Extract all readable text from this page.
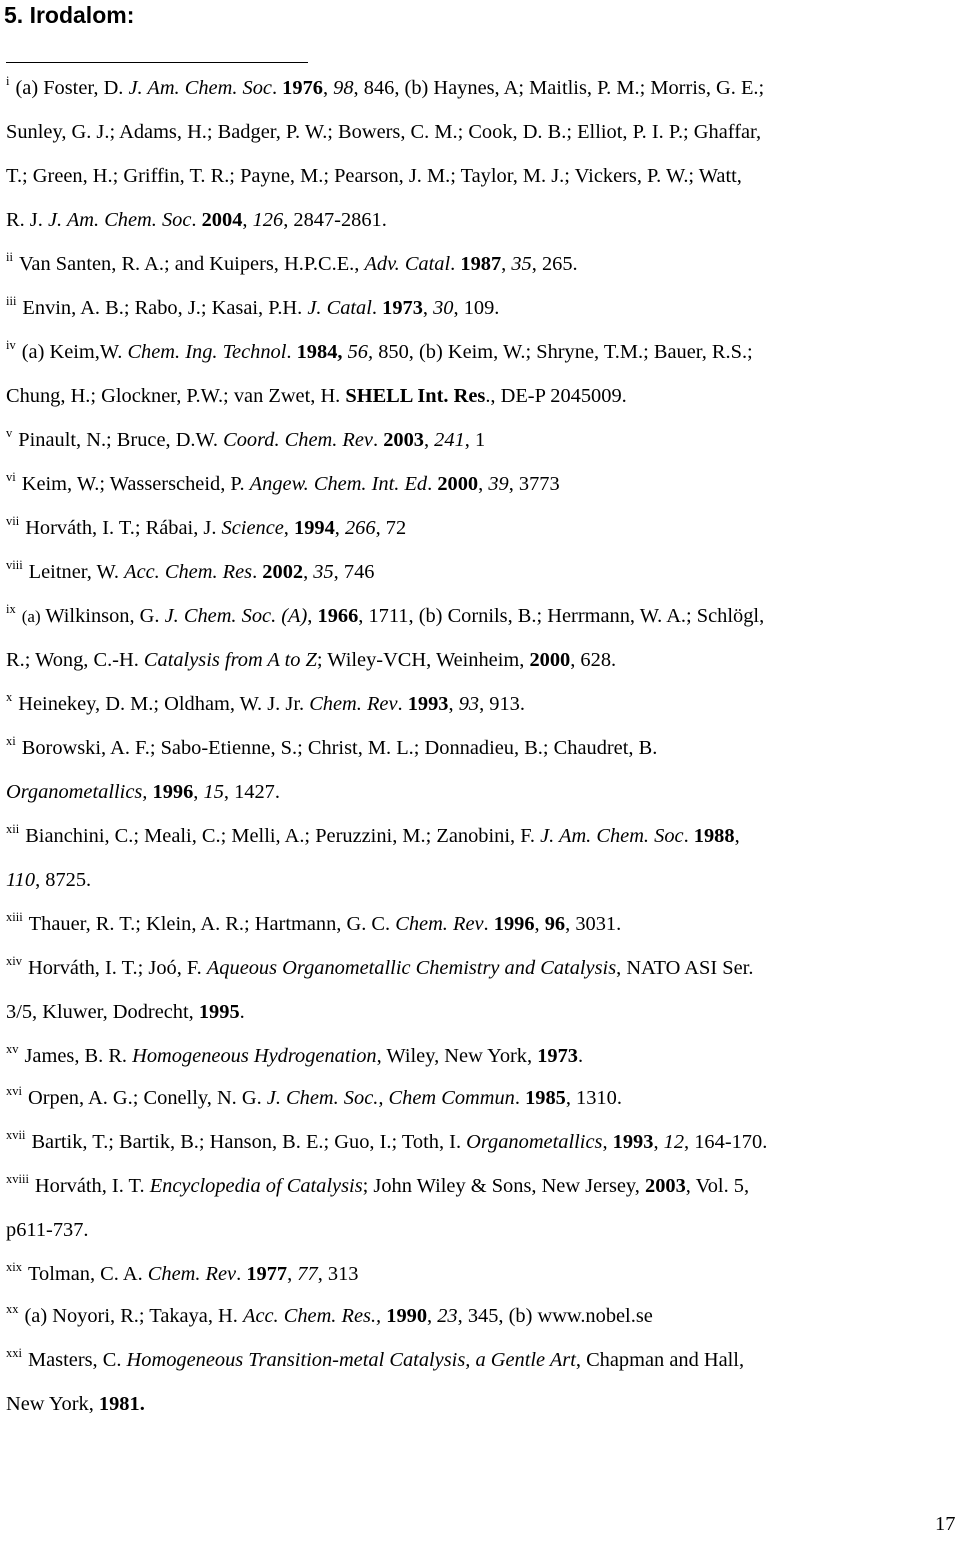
5. Irodalom:
$^i$ (a) Foster, D. J. Am. Chem. Soc. 1976, 98, 846, (b) Haynes, A; Maitlis, P. M.; Morris, G. E.;
Sunley, G. J.; Adams, H.; Badger, P. W.; Bowers, C. M.; Cook, D. B.; Elliot, P. I. P.; Ghaffar,
T.; Green, H.; Griffin, T. R.; Payne, M.; Pearson, J. M.; Taylor, M. J.; Vickers, P. W.; Watt,
R. J. J. Am. Chem. Soc. 2004, 126, 2847-2861.
$^{ii}$ Van Santen, R. A.; and Kuipers, H.P.C.E., Adv. Catal. 1987, 35, 265.
$^{iii}$ Envin, A. B.; Rabo, J.; Kasai, P.H. J. Catal. 1973, 30, 109.
$^{iv}$ (a) Keim,W. Chem. Ing. Technol. 1984, 56, 850, (b) Keim, W.; Shryne, T.M.; Bauer, R.S.;
Chung, H.; Glockner, P.W.; van Zwet, H. SHELL Int. Res., DE-P 2045009.
$^v$ Pinault, N.; Bruce, D.W. Coord. Chem. Rev. 2003, 241, 1
$^{vi}$ Keim, W.; Wasserscheid, P. Angew. Chem. Int. Ed. 2000, 39, 3773
$^{vii}$ Horváth, I. T.; Rábai, J. Science, 1994, 266, 72
$^{viii}$ Leitner, W. Acc. Chem. Res. 2002, 35, 746
$^{ix}$ (a) Wilkinson, G. J. Chem. Soc. (A), 1966, 1711, (b) Cornils, B.; Herrmann, W. A.; Schlögl,
R.; Wong, C.-H. Catalysis from A to Z; Wiley-VCH, Weinheim, 2000, 628.
$^x$ Heinekey, D. M.; Oldham, W. J. Jr. Chem. Rev. 1993, 93, 913.
$^{xi}$ Borowski, A. F.; Sabo-Etienne, S.; Christ, M. L.; Donnadieu, B.; Chaudret, B.
Organometallics, 1996, 15, 1427.
$^{xii}$ Bianchini, C.; Meali, C.; Melli, A.; Peruzzini, M.; Zanobini, F. J. Am. Chem. Soc. 1988,
110, 8725.
$^{xiii}$ Thauer, R. T.; Klein, A. R.; Hartmann, G. C. Chem. Rev. 1996, 96, 3031.
$^{xiv}$ Horváth, I. T.; Joó, F. Aqueous Organometallic Chemistry and Catalysis, NATO ASI Ser.
3/5, Kluwer, Dodrecht, 1995.
$^{xv}$ James, B. R. Homogeneous Hydrogenation, Wiley, New York, 1973.
$^{xvi}$ Orpen, A. G.; Conelly, N. G. J. Chem. Soc., Chem Commun. 1985, 1310.
$^{xvii}$ Bartik, T.; Bartik, B.; Hanson, B. E.; Guo, I.; Toth, I. Organometallics, 1993, 12, 164-170.
$^{xviii}$ Horváth, I. T. Encyclopedia of Catalysis; John Wiley & Sons, New Jersey, 2003, Vol. 5,
p611-737.
$^{xix}$ Tolman, C. A. Chem. Rev. 1977, 77, 313
$^{xx}$ (a) Noyori, R.; Takaya, H. Acc. Chem. Res., 1990, 23, 345, (b) www.nobel.se
$^{xxi}$ Masters, C. Homogeneous Transition-metal Catalysis, a Gentle Art, Chapman and Hall,
New York, 1981.
17
